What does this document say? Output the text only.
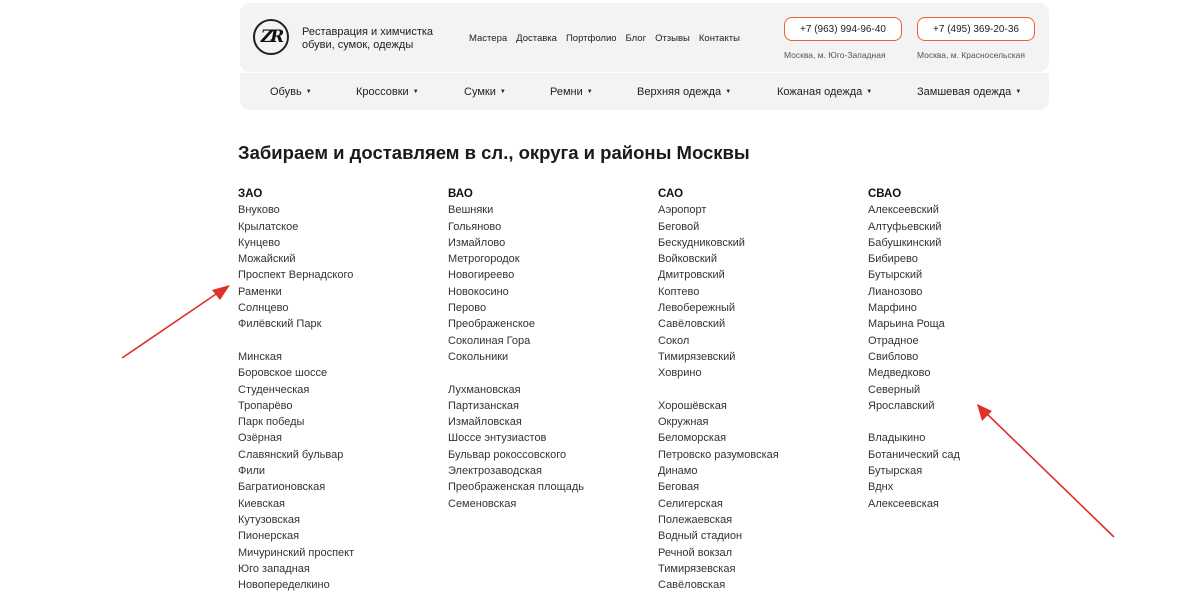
ZR	Реставрация и химчистка
обуви, сумок, одежды
Мастера Доставка Портфолио Блог Отзывы Контакты
+7 (963) 994-96-40
Москва, м. Юго-Западная
+7 (495) 369-20-36
Москва, м. Красносельская
Обувь ▼	Кроссовки ▼	Сумки ▼	Ремни ▼	Верхняя одежда ▼	Кожаная одежда ▼	Замшевая одежда ▼
Забираем и доставляем в сл., округа и районы Москвы
ЗАО
Внуково
Крылатское
Кунцево
Можайский
Проспект Вернадского
Раменки
Солнцево
Филёвский Парк
Минская
Боровское шоссе
Студенческая
Тропарёво
Парк победы
Озёрная
Славянский бульвар
Фили
Багратионовская
Киевская
Кутузовская
Пионерская
Мичуринский проспект
Юго западная
Новопеределкино
ВАО
Вешняки
Гольяново
Измайлово
Метрогородок
Новогиреево
Новокосино
Перово
Преображенское
Соколиная Гора
Сокольники
Лухмановская
Партизанская
Измайловская
Шоссе энтузиастов
Бульвар рокоссовского
Электрозаводская
Преображенская площадь
Семеновская
САО
Аэропорт
Беговой
Бескудниковский
Войковский
Дмитровский
Коптево
Левобережный
Савёловский
Сокол
Тимирязевский
Ховрино
Хорошёвская
Окружная
Беломорская
Петровско разумовская
Динамо
Беговая
Селигерская
Полежаевская
Водный стадион
Речной вокзал
Тимирязевская
Савёловская
СВАО
Алексеевский
Алтуфьевский
Бабушкинский
Бибирево
Бутырский
Лианозово
Марфино
Марьина Роща
Отрадное
Свиблово
Медведково
Северный
Ярославский
Владыкино
Ботанический сад
Бутырская
Вднх
Алексеевская
